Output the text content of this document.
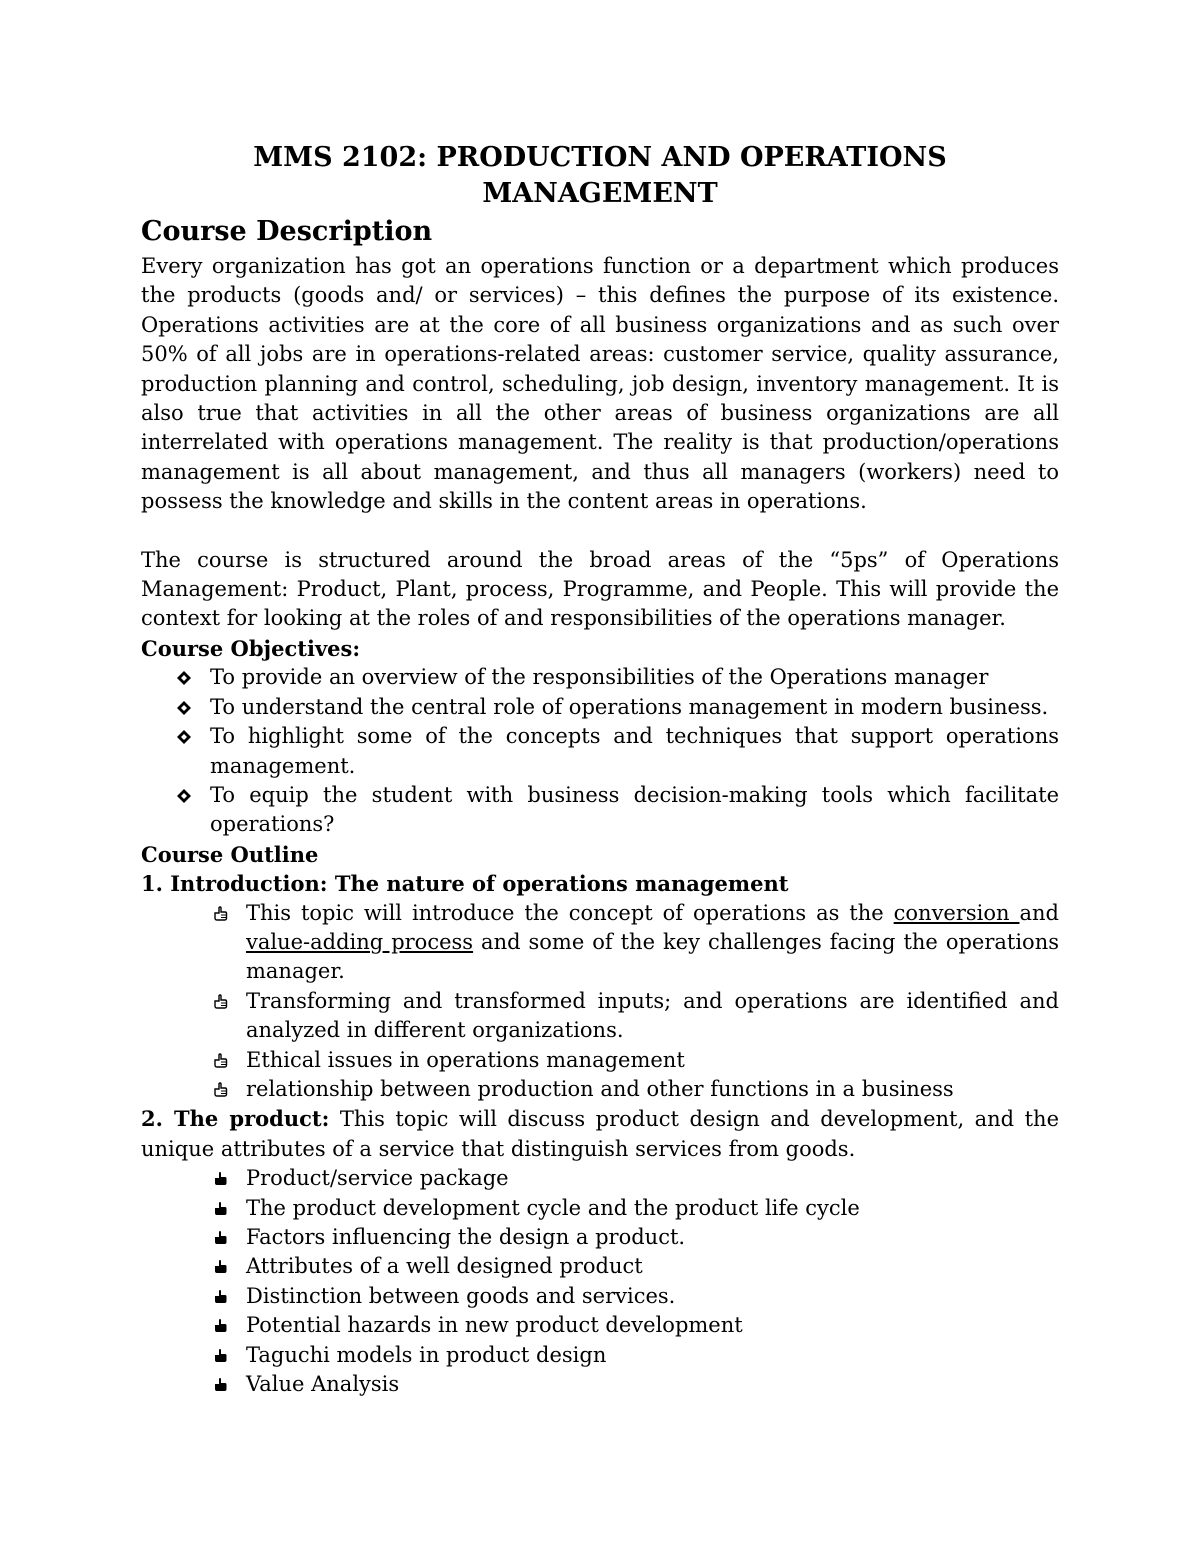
MMS 2102: PRODUCTION AND OPERATIONS

MANAGEMENT

Course Description

Every organization has got an operations function or a department which produces the products (goods and/ or services) – this defines the purpose of its existence. Operations activities are at the core of all business organizations and as such over 50% of all jobs are in operations-related areas: customer service, quality assurance, production planning and control, scheduling, job design, inventory management. It is also true that activities in all the other areas of business organizations are all interrelated with operations management. The reality is that production/operations management is all about management, and thus all managers (workers) need to possess the knowledge and skills in the content areas in operations.

The course is structured around the broad areas of the “5ps” of Operations Management: Product, Plant, process, Programme, and People. This will provide the context for looking at the roles of and responsibilities of the operations manager.

Course Objectives:

To provide an overview of the responsibilities of the Operations manager
To understand the central role of operations management in modern business.
To highlight some of the concepts and techniques that support operations management.
To equip the student with business decision-making tools which facilitate operations?

Course Outline

1. Introduction: The nature of operations management

This topic will introduce the concept of operations as the conversion and value-adding process and some of the key challenges facing the operations manager.
Transforming and transformed inputs; and operations are identified and analyzed in different organizations.
Ethical issues in operations management
relationship between production and other functions in a business

2. The product: This topic will discuss product design and development, and the unique attributes of a service that distinguish services from goods.

Product/service package
The product development cycle and the product life cycle
Factors influencing the design a product.
Attributes of a well designed product
Distinction between goods and services.
Potential hazards in new product development
Taguchi models in product design
Value Analysis
